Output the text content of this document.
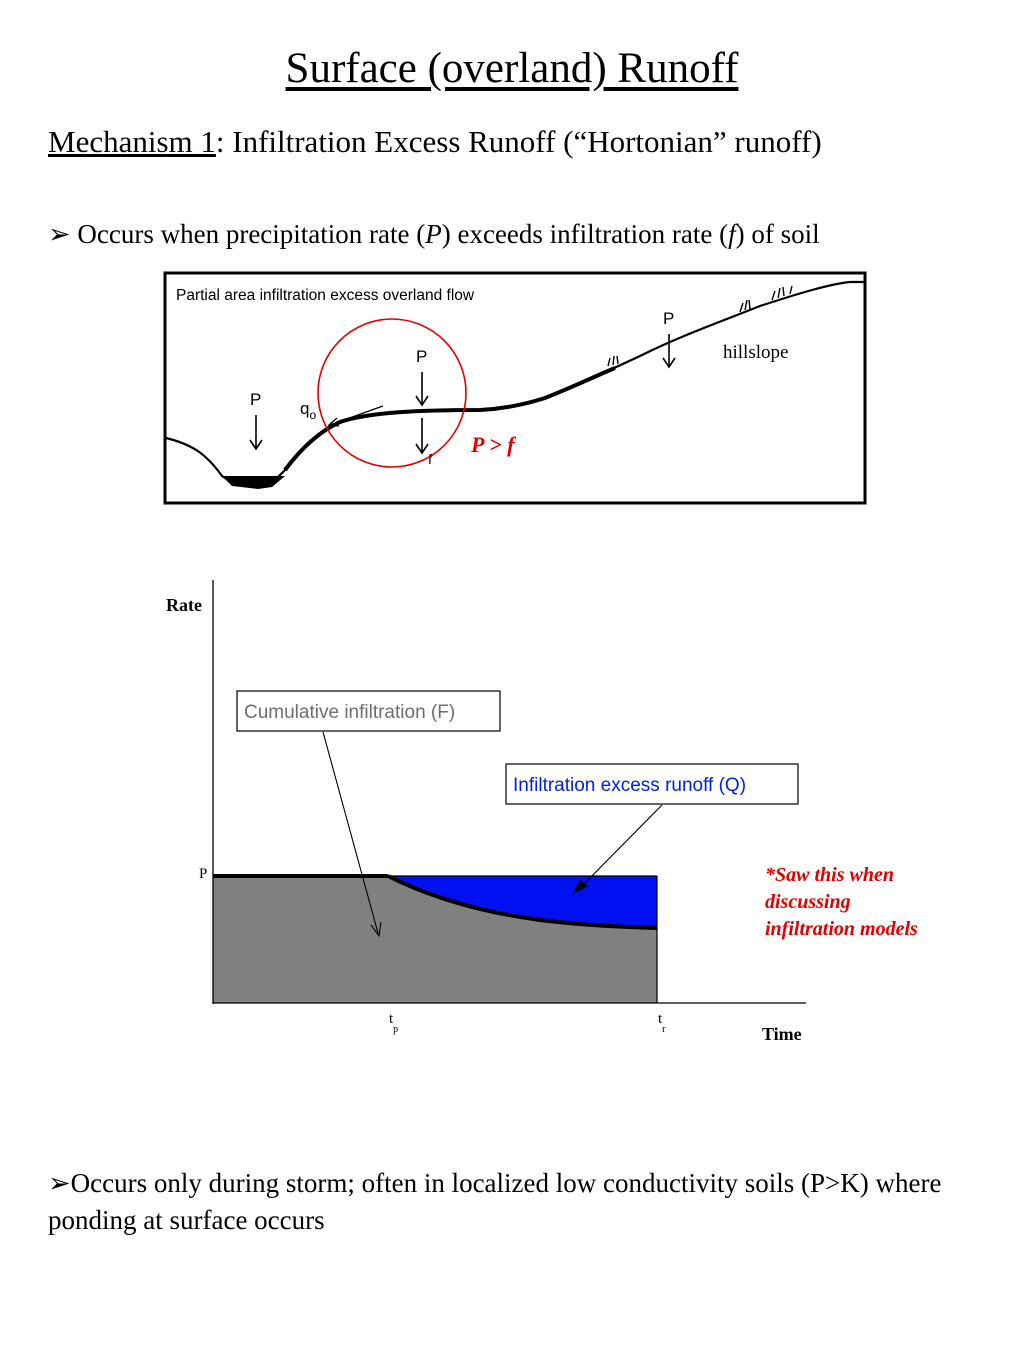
Surface (overland) Runoff
Mechanism 1: Infiltration Excess Runoff (“Hortonian” runoff)
➢ Occurs when precipitation rate (P) exceeds infiltration rate (f) of soil
Partial area infiltration excess overland flow
P
P
P
f
$q_o$
hillslope
P > f
Rate
Time
P
$t_p$
$t_r$
Cumulative infiltration (F)
Infiltration excess runoff (Q)
*Saw this when
discussing
infiltration models
➢Occurs only during storm; often in localized low conductivity soils (P>K) where ponding at surface occurs
